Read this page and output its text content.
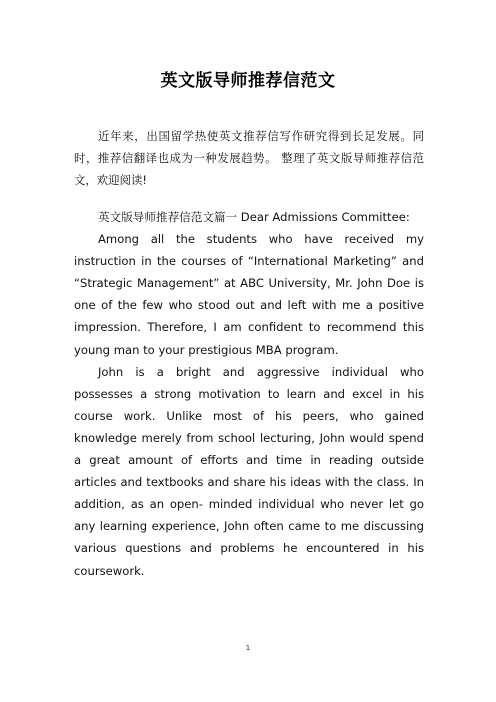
英文版导师推荐信范文
近年来，出国留学热使英文推荐信写作研究得到长足发展。同时，推荐信翻译也成为一种发展趋势。 整理了英文版导师推荐信范文，欢迎阅读!

英文版导师推荐信范文篇一 Dear Admissions Committee:

Among all the students who have received my instruction in the courses of “International Marketing” and “Strategic Management” at ABC University, Mr. John Doe is one of the few who stood out and left with me a positive impression. Therefore, I am confident to recommend this young man to your prestigious MBA program.

John is a bright and aggressive individual who possesses a strong motivation to learn and excel in his course work. Unlike most of his peers, who gained knowledge merely from school lecturing, John would spend a great amount of efforts and time in reading outside articles and textbooks and share his ideas with the class. In addition, as an open- minded individual who never let go any learning experience, John often came to me discussing various questions and problems he encountered in his coursework.

1
